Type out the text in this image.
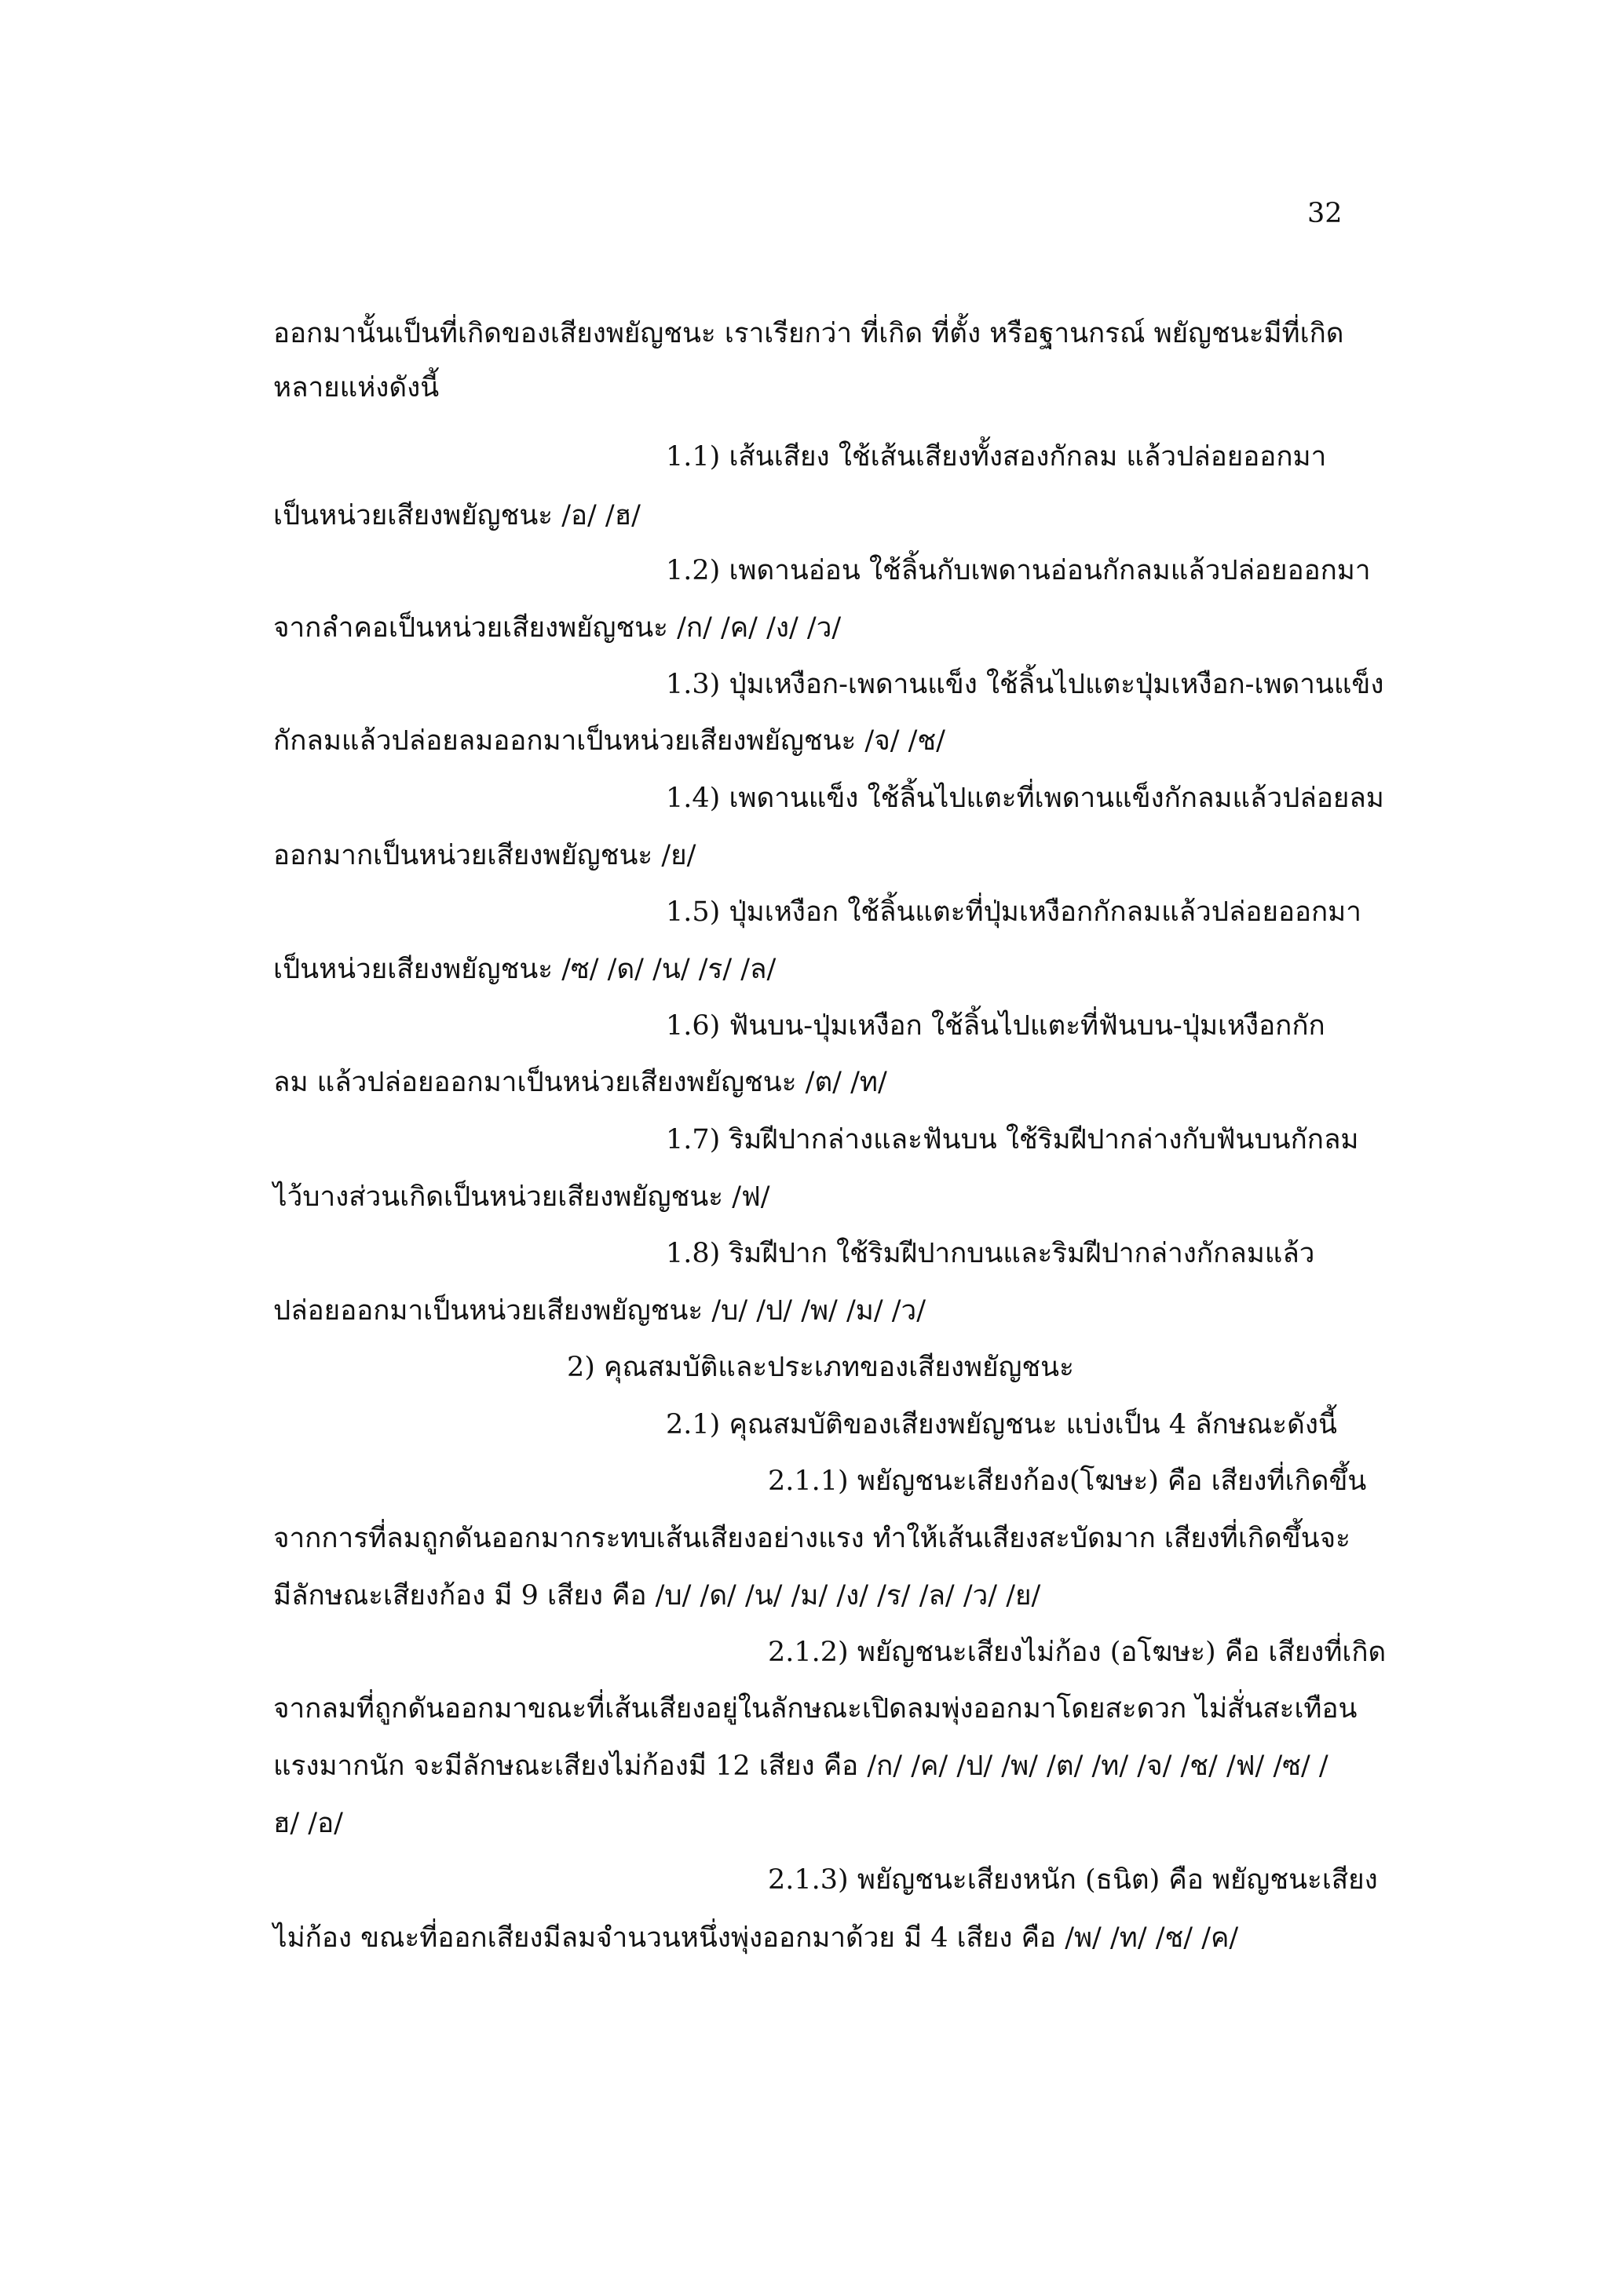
32
ออกมานั้นเป็นที่เกิดของเสียงพยัญชนะ เราเรียกว่า ที่เกิด ที่ตั้ง หรือฐานกรณ์ พยัญชนะมีที่เกิด
หลายแห่งดังนี้
1.1) เส้นเสียง ใช้เส้นเสียงทั้งสองกักลม แล้วปล่อยออกมา
เป็นหน่วยเสียงพยัญชนะ /อ/ /ฮ/
1.2) เพดานอ่อน ใช้ลิ้นกับเพดานอ่อนกักลมแล้วปล่อยออกมา
จากลำคอเป็นหน่วยเสียงพยัญชนะ /ก/ /ค/ /ง/ /ว/
1.3) ปุ่มเหงือก-เพดานแข็ง ใช้ลิ้นไปแตะปุ่มเหงือก-เพดานแข็ง
กักลมแล้วปล่อยลมออกมาเป็นหน่วยเสียงพยัญชนะ /จ/ /ช/
1.4) เพดานแข็ง ใช้ลิ้นไปแตะที่เพดานแข็งกักลมแล้วปล่อยลม
ออกมากเป็นหน่วยเสียงพยัญชนะ /ย/
1.5) ปุ่มเหงือก ใช้ลิ้นแตะที่ปุ่มเหงือกกักลมแล้วปล่อยออกมา
เป็นหน่วยเสียงพยัญชนะ /ซ/ /ด/ /น/ /ร/ /ล/
1.6) ฟันบน-ปุ่มเหงือก ใช้ลิ้นไปแตะที่ฟันบน-ปุ่มเหงือกกัก
ลม แล้วปล่อยออกมาเป็นหน่วยเสียงพยัญชนะ /ต/ /ท/
1.7) ริมฝีปากล่างและฟันบน ใช้ริมฝีปากล่างกับฟันบนกักลม
ไว้บางส่วนเกิดเป็นหน่วยเสียงพยัญชนะ /ฟ/
1.8) ริมฝีปาก ใช้ริมฝีปากบนและริมฝีปากล่างกักลมแล้ว
ปล่อยออกมาเป็นหน่วยเสียงพยัญชนะ /บ/ /ป/ /พ/ /ม/ /ว/
2) คุณสมบัติและประเภทของเสียงพยัญชนะ
2.1) คุณสมบัติของเสียงพยัญชนะ แบ่งเป็น 4 ลักษณะดังนี้
2.1.1) พยัญชนะเสียงก้อง(โฆษะ) คือ เสียงที่เกิดขึ้น
จากการที่ลมถูกดันออกมากระทบเส้นเสียงอย่างแรง ทำให้เส้นเสียงสะบัดมาก เสียงที่เกิดขึ้นจะ
มีลักษณะเสียงก้อง มี 9 เสียง คือ /บ/ /ด/ /น/ /ม/ /ง/ /ร/ /ล/ /ว/ /ย/
2.1.2) พยัญชนะเสียงไม่ก้อง (อโฆษะ) คือ เสียงที่เกิด
จากลมที่ถูกดันออกมาขณะที่เส้นเสียงอยู่ในลักษณะเปิดลมพุ่งออกมาโดยสะดวก ไม่สั่นสะเทือน
แรงมากนัก จะมีลักษณะเสียงไม่ก้องมี 12 เสียง คือ /ก/ /ค/ /ป/ /พ/ /ต/ /ท/ /จ/ /ช/ /ฟ/ /ซ/ /
ฮ/ /อ/
2.1.3) พยัญชนะเสียงหนัก (ธนิต) คือ พยัญชนะเสียง
ไม่ก้อง ขณะที่ออกเสียงมีลมจำนวนหนึ่งพุ่งออกมาด้วย มี 4 เสียง คือ /พ/ /ท/ /ช/ /ค/
